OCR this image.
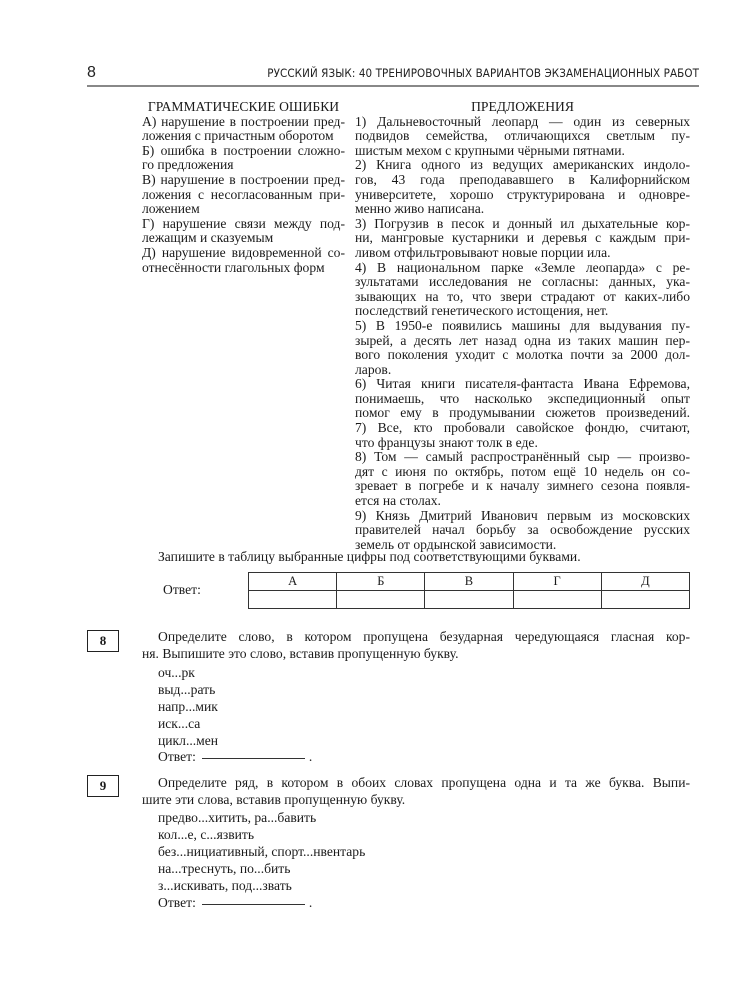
8	РУССКИЙ ЯЗЫК: 40 ТРЕНИРОВОЧНЫХ ВАРИАНТОВ ЭКЗАМЕНАЦИОННЫХ РАБОТ
ГРАММАТИЧЕСКИЕ ОШИБКИ
А) нарушение в построении пред-
ложения с причастным оборотом
Б) ошибка в построении сложно-
го предложения
В) нарушение в построении пред-
ложения с несогласованным при-
ложением
Г) нарушение связи между под-
лежащим и сказуемым
Д) нарушение видовременной со-
отнесённости глагольных форм
ПРЕДЛОЖЕНИЯ
1) Дальневосточный леопард — один из северных
подвидов семейства, отличающихся светлым пу-
шистым мехом с крупными чёрными пятнами.
2) Книга одного из ведущих американских индоло-
гов, 43 года преподававшего в Калифорнийском
университете, хорошо структурирована и одновре-
менно живо написана.
3) Погрузив в песок и донный ил дыхательные кор-
ни, мангровые кустарники и деревья с каждым при-
ливом отфильтровывают новые порции ила.
4) В национальном парке «Земле леопарда» с ре-
зультатами исследования не согласны: данных, ука-
зывающих на то, что звери страдают от каких-либо
последствий генетического истощения, нет.
5) В 1950-е появились машины для выдувания пу-
зырей, а десять лет назад одна из таких машин пер-
вого поколения уходит с молотка почти за 2000 дол-
ларов.
6) Читая книги писателя-фантаста Ивана Ефремова,
понимаешь, что насколько экспедиционный опыт
помог ему в продумывании сюжетов произведений.
7) Все, кто пробовали савойское фондю, считают,
что французы знают толк в еде.
8) Том — самый распространённый сыр — произво-
дят с июня по октябрь, потом ещё 10 недель он со-
зревает в погребе и к началу зимнего сезона появля-
ется на столах.
9) Князь Дмитрий Иванович первым из московских
правителей начал борьбу за освобождение русских
земель от ордынской зависимости.
Запишите в таблицу выбранные цифры под соответствующими буквами.
Ответ:
А	Б	В	Г	Д

8	Определите слово, в котором пропущена безударная чередующаяся гласная кор-
ня. Выпишите это слово, вставив пропущенную букву.
оч...рк
выд...рать
напр...мик
иск...са
цикл...мен
Ответ:	.
9	Определите ряд, в котором в обоих словах пропущена одна и та же буква. Выпи-
шите эти слова, вставив пропущенную букву.
предво...хитить, ра...бавить
кол...е, с...язвить
без...нициативный, спорт...нвентарь
на...треснуть, по...бить
з...искивать, под...звать
Ответ:	.
